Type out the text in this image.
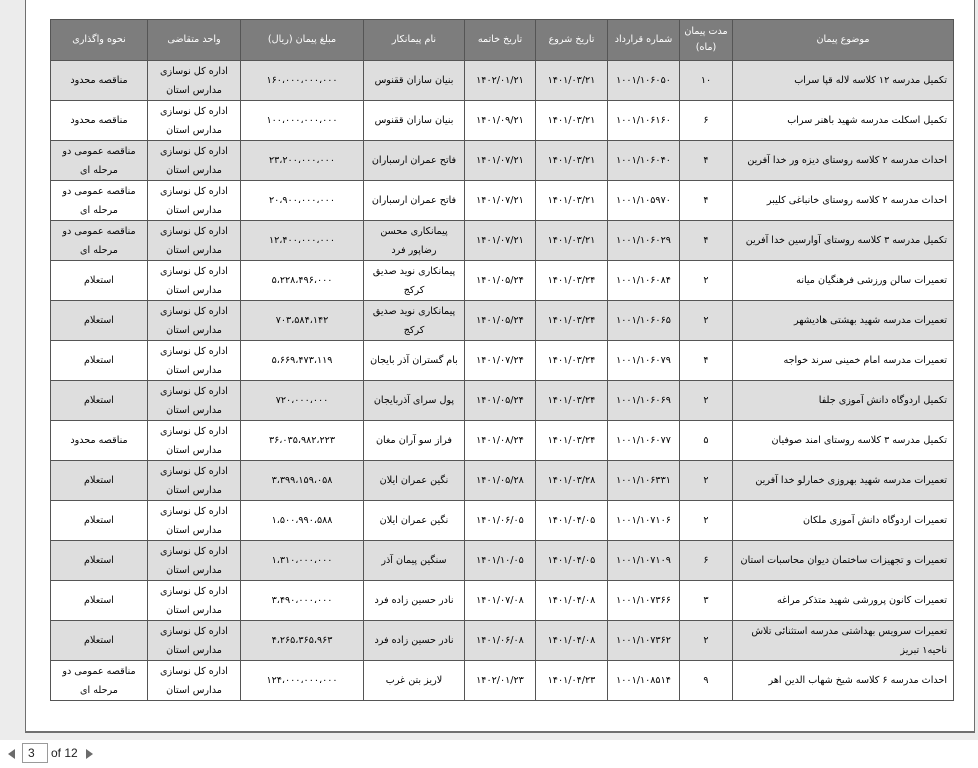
موضوع پیمان	مدت پیمان (ماه)	شماره قرارداد	تاریخ شروع	تاریخ خاتمه	نام پیمانکار	مبلغ پیمان (ریال)	واحد متقاضی	نحوه واگذاری
تکمیل مدرسه ۱۲ کلاسه لاله قپا سراب	۱۰	۱۰۰۱/۱۰۶۰۵۰	۱۴۰۱/۰۳/۲۱	۱۴۰۲/۰۱/۲۱	بنیان سازان ققنوس	۱۶۰،۰۰۰،۰۰۰،۰۰۰	اداره کل نوسازی مدارس استان	مناقصه محدود
تکمیل اسکلت مدرسه شهید باهنر سراب	۶	۱۰۰۱/۱۰۶۱۶۰	۱۴۰۱/۰۳/۲۱	۱۴۰۱/۰۹/۲۱	بنیان سازان ققنوس	۱۰۰،۰۰۰،۰۰۰،۰۰۰	اداره کل نوسازی مدارس استان	مناقصه محدود
احداث مدرسه ۲ کلاسه روستای دیزه ور خدا آفرین	۴	۱۰۰۱/۱۰۶۰۴۰	۱۴۰۱/۰۳/۲۱	۱۴۰۱/۰۷/۲۱	فاتح عمران ارسباران	۲۳،۲۰۰،۰۰۰،۰۰۰	اداره کل نوسازی مدارس استان	مناقصه عمومی دو مرحله ای
احداث مدرسه ۲ کلاسه روستای خانباغی کلیبر	۴	۱۰۰۱/۱۰۵۹۷۰	۱۴۰۱/۰۳/۲۱	۱۴۰۱/۰۷/۲۱	فاتح عمران ارسباران	۲۰،۹۰۰،۰۰۰،۰۰۰	اداره کل نوسازی مدارس استان	مناقصه عمومی دو مرحله ای
تکمیل مدرسه ۳ کلاسه روستای آوارسین خدا آفرین	۴	۱۰۰۱/۱۰۶۰۲۹	۱۴۰۱/۰۳/۲۱	۱۴۰۱/۰۷/۲۱	پیمانکاری محسن رضاپور فرد	۱۲،۴۰۰،۰۰۰،۰۰۰	اداره کل نوسازی مدارس استان	مناقصه عمومی دو مرحله ای
تعمیرات سالن ورزشی فرهنگیان میانه	۲	۱۰۰۱/۱۰۶۰۸۴	۱۴۰۱/۰۳/۲۴	۱۴۰۱/۰۵/۲۴	پیمانکاری نوید صدیق کرکج	۵،۲۲۸،۴۹۶،۰۰۰	اداره کل نوسازی مدارس استان	استعلام
تعمیرات مدرسه شهید بهشتی هادیشهر	۲	۱۰۰۱/۱۰۶۰۶۵	۱۴۰۱/۰۳/۲۴	۱۴۰۱/۰۵/۲۴	پیمانکاری نوید صدیق کرکج	۷۰۳،۵۸۴،۱۴۲	اداره کل نوسازی مدارس استان	استعلام
تعمیرات مدرسه امام خمینی سرند خواجه	۴	۱۰۰۱/۱۰۶۰۷۹	۱۴۰۱/۰۳/۲۴	۱۴۰۱/۰۷/۲۴	بام گستران آذر بایجان	۵،۶۶۹،۴۷۳،۱۱۹	اداره کل نوسازی مدارس استان	استعلام
تکمیل اردوگاه دانش آموزی جلفا	۲	۱۰۰۱/۱۰۶۰۶۹	۱۴۰۱/۰۳/۲۴	۱۴۰۱/۰۵/۲۴	پول سرای آذربایجان	۷۲۰،۰۰۰،۰۰۰	اداره کل نوسازی مدارس استان	استعلام
تکمیل مدرسه ۳ کلاسه روستای امند صوفیان	۵	۱۰۰۱/۱۰۶۰۷۷	۱۴۰۱/۰۳/۲۴	۱۴۰۱/۰۸/۲۴	فراز سو آران مغان	۳۶،۰۳۵،۹۸۲،۲۲۳	اداره کل نوسازی مدارس استان	مناقصه محدود
تعمیرات مدرسه شهید بهروزی خمارلو خدا آفرین	۲	۱۰۰۱/۱۰۶۳۳۱	۱۴۰۱/۰۳/۲۸	۱۴۰۱/۰۵/۲۸	نگین عمران ایلان	۳،۳۹۹،۱۵۹،۰۵۸	اداره کل نوسازی مدارس استان	استعلام
تعمیرات اردوگاه دانش آموزی ملکان	۲	۱۰۰۱/۱۰۷۱۰۶	۱۴۰۱/۰۴/۰۵	۱۴۰۱/۰۶/۰۵	نگین عمران ایلان	۱،۵۰۰،۹۹۰،۵۸۸	اداره کل نوسازی مدارس استان	استعلام
تعمیرات و تجهیزات ساختمان دیوان محاسبات استان	۶	۱۰۰۱/۱۰۷۱۰۹	۱۴۰۱/۰۴/۰۵	۱۴۰۱/۱۰/۰۵	سنگین پیمان آذر	۱،۳۱۰،۰۰۰،۰۰۰	اداره کل نوسازی مدارس استان	استعلام
تعمیرات کانون پرورشی شهید متذکر مراغه	۳	۱۰۰۱/۱۰۷۳۶۶	۱۴۰۱/۰۴/۰۸	۱۴۰۱/۰۷/۰۸	نادر حسین زاده فرد	۳،۴۹۰،۰۰۰،۰۰۰	اداره کل نوسازی مدارس استان	استعلام
تعمیرات سرویس بهداشتی مدرسه استثنائی تلاش ناحیه۱ تبریز	۲	۱۰۰۱/۱۰۷۳۶۲	۱۴۰۱/۰۴/۰۸	۱۴۰۱/۰۶/۰۸	نادر حسین زاده فرد	۴،۲۶۵،۳۶۵،۹۶۳	اداره کل نوسازی مدارس استان	استعلام
احداث مدرسه ۶ کلاسه شیخ شهاب الدین اهر	۹	۱۰۰۱/۱۰۸۵۱۴	۱۴۰۱/۰۴/۲۳	۱۴۰۲/۰۱/۲۳	لاریز بتن غرب	۱۲۴،۰۰۰،۰۰۰،۰۰۰	اداره کل نوسازی مدارس استان	مناقصه عمومی دو مرحله ای
3
of 12
